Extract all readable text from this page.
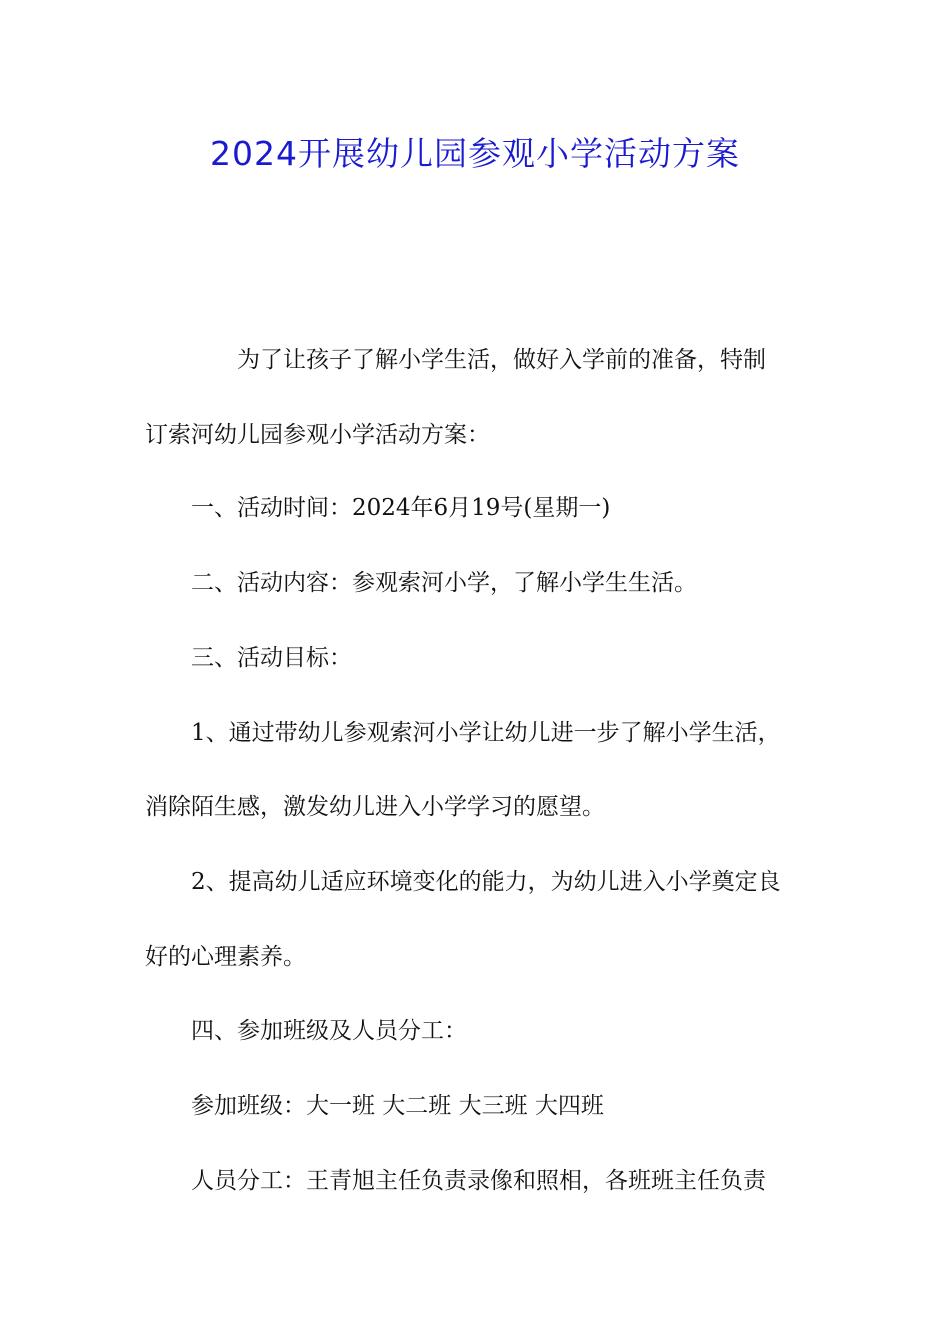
2024开展幼儿园参观小学活动方案

为了让孩子了解小学生活，做好入学前的准备，特制

订索河幼儿园参观小学活动方案：

一、活动时间：2024年6月19号(星期一)

二、活动内容：参观索河小学，了解小学生生活。

三、活动目标：

1、通过带幼儿参观索河小学让幼儿进一步了解小学生活，

消除陌生感，激发幼儿进入小学学习的愿望。

2、提高幼儿适应环境变化的能力，为幼儿进入小学奠定良

好的心理素养。

四、参加班级及人员分工：

参加班级：大一班 大二班 大三班 大四班

人员分工：王青旭主任负责录像和照相，各班班主任负责
